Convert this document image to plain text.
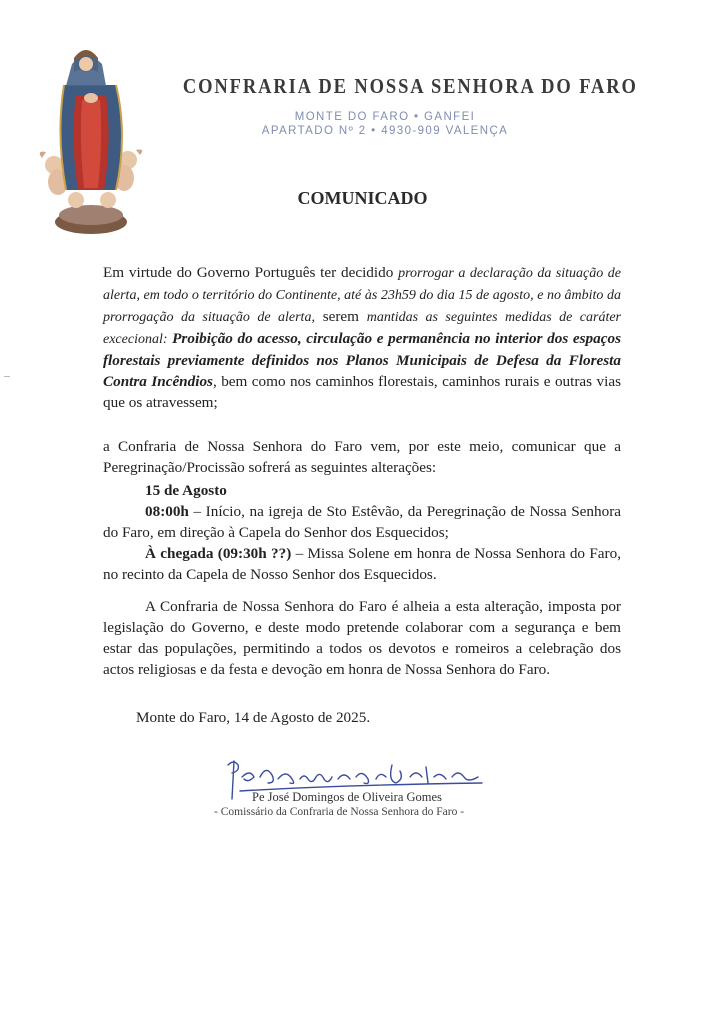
CONFRARIA DE NOSSA SENHORA DO FARO
MONTE DO FARO • GANFEI
APARTADO Nº 2 • 4930-909 VALENÇA
COMUNICADO
Em virtude do Governo Português ter decidido prorrogar a declaração da situação de alerta, em todo o território do Continente, até às 23h59 do dia 15 de agosto, e no âmbito da prorrogação da situação de alerta, serem mantidas as seguintes medidas de caráter excecional: Proibição do acesso, circulação e permanência no interior dos espaços florestais previamente definidos nos Planos Municipais de Defesa da Floresta Contra Incêndios, bem como nos caminhos florestais, caminhos rurais e outras vias que os atravessem;
a Confraria de Nossa Senhora do Faro vem, por este meio, comunicar que a Peregrinação/Procissão sofrerá as seguintes alterações:
15 de Agosto
08:00h – Início, na igreja de Sto Estêvão, da Peregrinação de Nossa Senhora do Faro, em direção à Capela do Senhor dos Esquecidos;
À chegada (09:30h ??) – Missa Solene em honra de Nossa Senhora do Faro, no recinto da Capela de Nosso Senhor dos Esquecidos.
A Confraria de Nossa Senhora do Faro é alheia a esta alteração, imposta por legislação do Governo, e deste modo pretende colaborar com a segurança e bem estar das populações, permitindo a todos os devotos e romeiros a celebração dos actos religiosas e da festa e devoção em honra de Nossa Senhora do Faro.
Monte do Faro, 14 de Agosto de 2025.
Pe José Domingos de Oliveira Gomes
- Comissário da Confraria de Nossa Senhora do Faro -
